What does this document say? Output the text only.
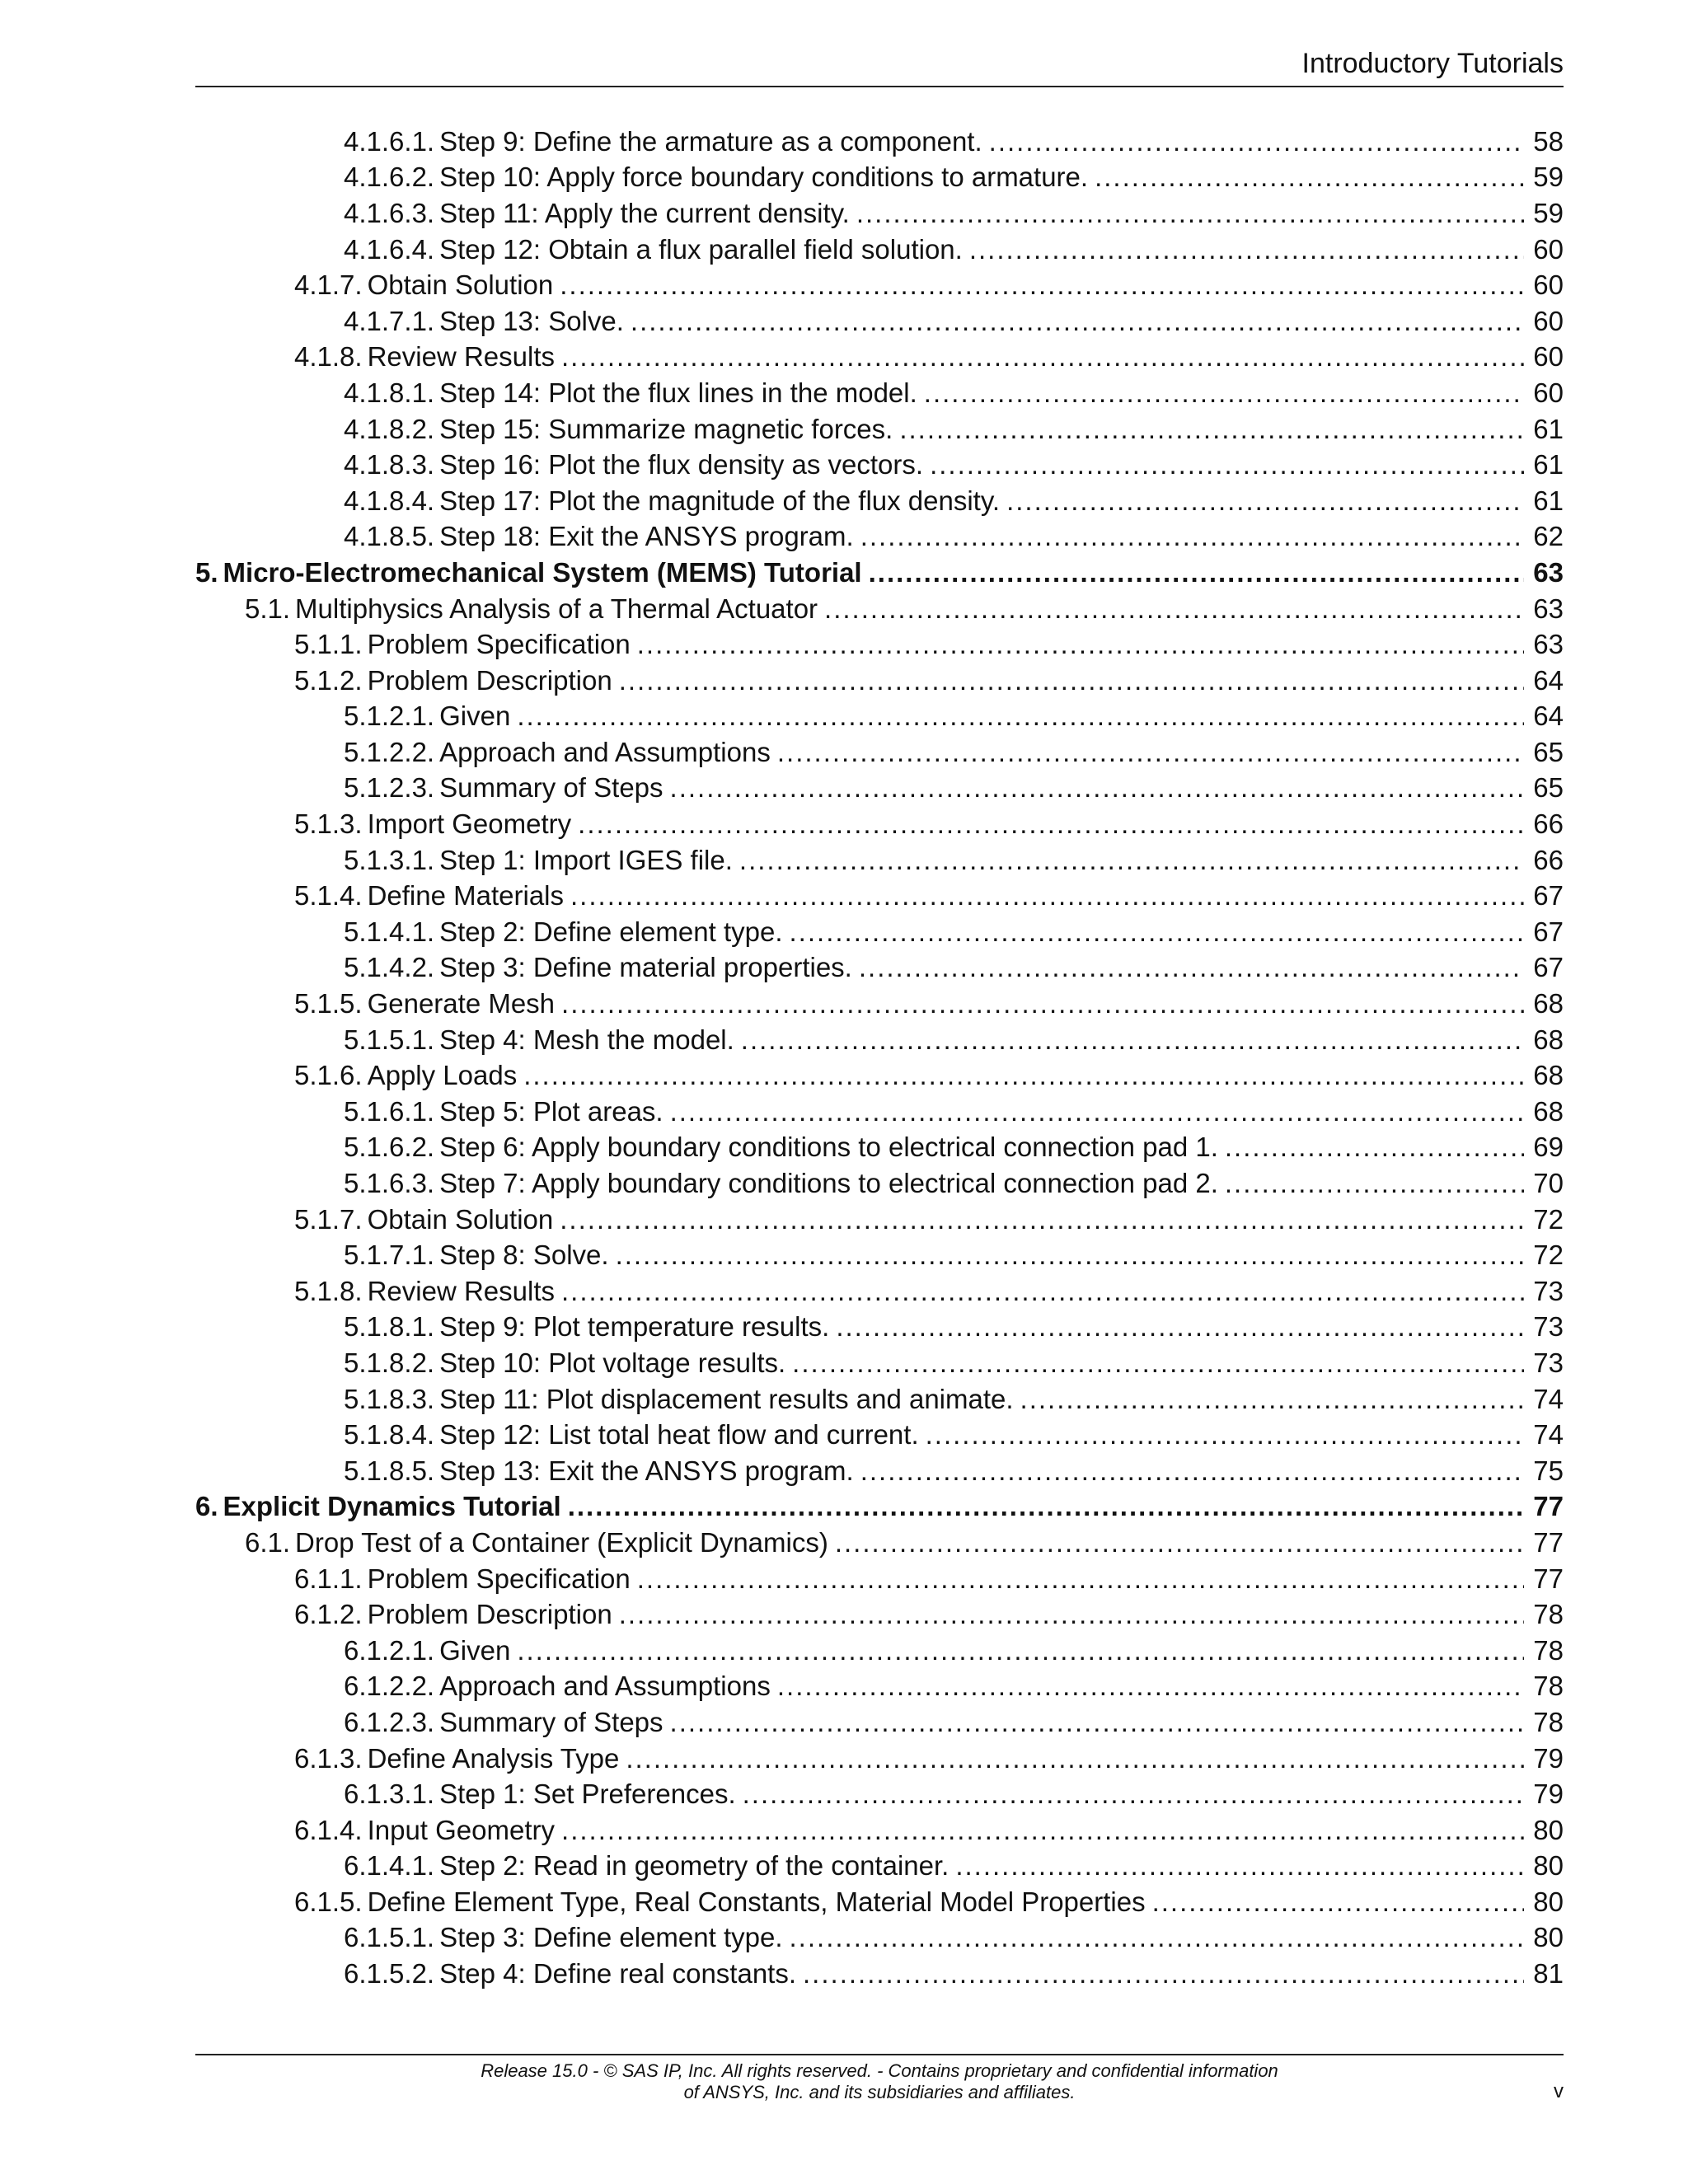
Introductory Tutorials
4.1.6.1. Step 9: Define the armature as a component. .....	58
4.1.6.2. Step 10: Apply force boundary conditions to armature. .....	59
4.1.6.3. Step 11: Apply the current density. .....	59
4.1.6.4. Step 12: Obtain a flux parallel field solution. .....	60
4.1.7. Obtain Solution .....	60
4.1.7.1. Step 13: Solve. .....	60
4.1.8. Review Results .....	60
4.1.8.1. Step 14: Plot the flux lines in the model. .....	60
4.1.8.2. Step 15: Summarize magnetic forces. .....	61
4.1.8.3. Step 16: Plot the flux density as vectors. .....	61
4.1.8.4. Step 17: Plot the magnitude of the flux density. .....	61
4.1.8.5. Step 18: Exit the ANSYS program. .....	62
5. Micro-Electromechanical System (MEMS) Tutorial .....	63
5.1. Multiphysics Analysis of a Thermal Actuator .....	63
5.1.1. Problem Specification .....	63
5.1.2. Problem Description .....	64
5.1.2.1. Given .....	64
5.1.2.2. Approach and Assumptions .....	65
5.1.2.3. Summary of Steps .....	65
5.1.3. Import Geometry .....	66
5.1.3.1. Step 1: Import IGES file. .....	66
5.1.4. Define Materials .....	67
5.1.4.1. Step 2: Define element type. .....	67
5.1.4.2. Step 3: Define material properties. .....	67
5.1.5. Generate Mesh .....	68
5.1.5.1. Step 4: Mesh the model. .....	68
5.1.6. Apply Loads .....	68
5.1.6.1. Step 5: Plot areas. .....	68
5.1.6.2. Step 6: Apply boundary conditions to electrical connection pad 1. .....	69
5.1.6.3. Step 7: Apply boundary conditions to electrical connection pad 2. .....	70
5.1.7. Obtain Solution .....	72
5.1.7.1. Step 8: Solve. .....	72
5.1.8. Review Results .....	73
5.1.8.1. Step 9: Plot temperature results. .....	73
5.1.8.2. Step 10: Plot voltage results. .....	73
5.1.8.3. Step 11: Plot displacement results and animate. .....	74
5.1.8.4. Step 12: List total heat flow and current. .....	74
5.1.8.5. Step 13: Exit the ANSYS program. .....	75
6. Explicit Dynamics Tutorial .....	77
6.1. Drop Test of a Container (Explicit Dynamics) .....	77
6.1.1. Problem Specification .....	77
6.1.2. Problem Description .....	78
6.1.2.1. Given .....	78
6.1.2.2. Approach and Assumptions .....	78
6.1.2.3. Summary of Steps .....	78
6.1.3. Define Analysis Type .....	79
6.1.3.1. Step 1: Set Preferences. .....	79
6.1.4. Input Geometry .....	80
6.1.4.1. Step 2: Read in geometry of the container. .....	80
6.1.5. Define Element Type, Real Constants, Material Model Properties .....	80
6.1.5.1. Step 3: Define element type. .....	80
6.1.5.2. Step 4: Define real constants. .....	81
Release 15.0 - © SAS IP, Inc. All rights reserved. - Contains proprietary and confidential information
of ANSYS, Inc. and its subsidiaries and affiliates.	v
